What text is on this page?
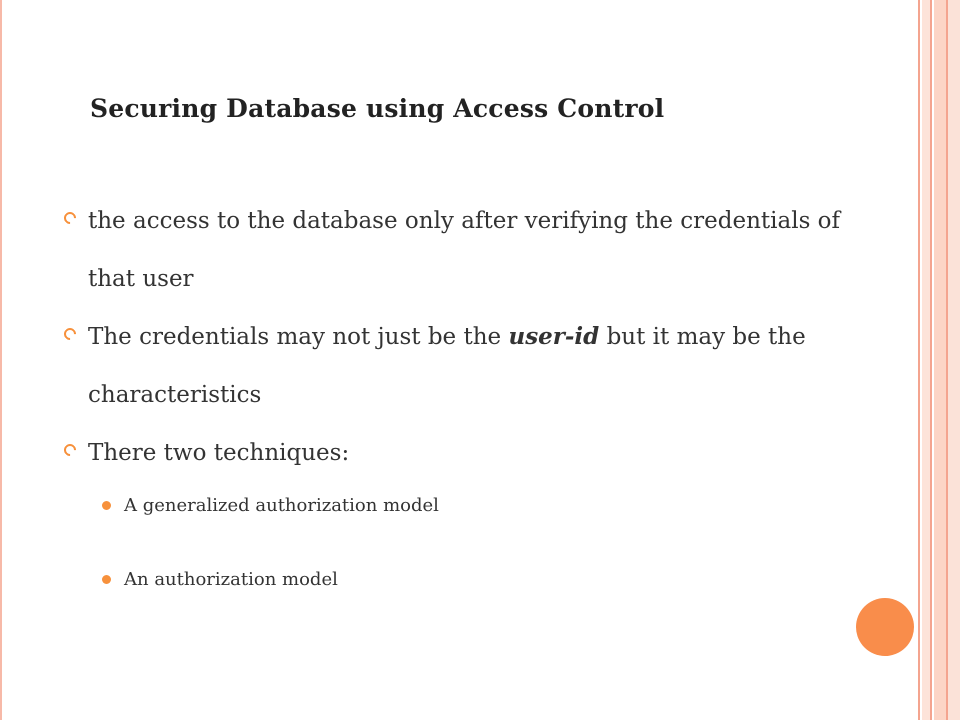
Securing Database using Access Control
the access to the database only after verifying the credentials of that user
The credentials may not just be the user-id but it may be the characteristics
There two techniques:
A generalized authorization model
An authorization model
